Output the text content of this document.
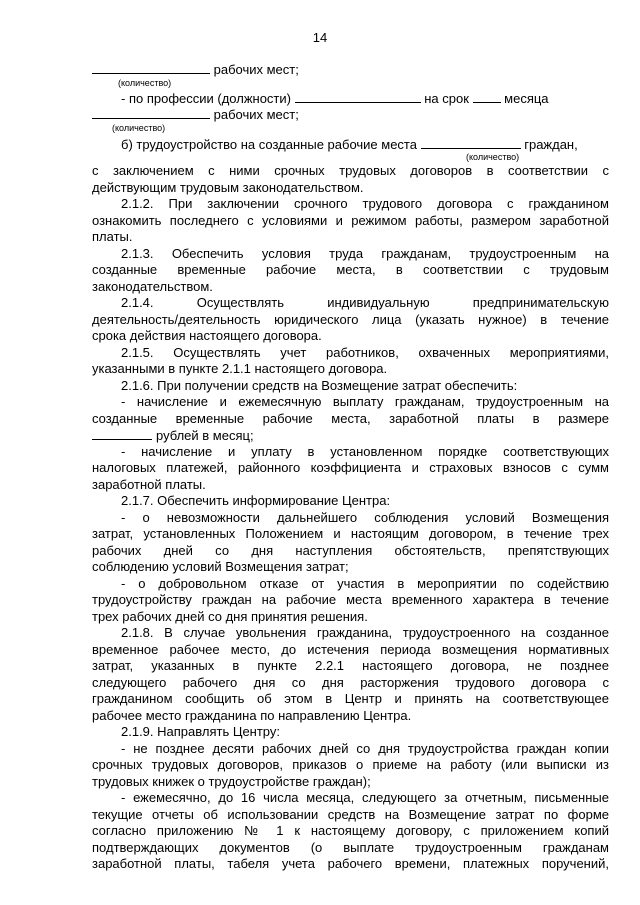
14
рабочих мест;
(количество)
- по профессии (должности)	на срок	месяца
рабочих мест;
(количество)
б) трудоустройство на созданные рабочие места	граждан,
(количество)
с заключением с ними срочных трудовых договоров в соответствии с
действующим трудовым законодательством.
2.1.2. При заключении срочного трудового договора с гражданином
ознакомить последнего с условиями и режимом работы, размером заработной
платы.
2.1.3. Обеспечить условия труда гражданам, трудоустроенным на
созданные временные рабочие места, в соответствии с трудовым
законодательством.
2.1.4. Осуществлять индивидуальную предпринимательскую
деятельность/деятельность юридического лица (указать нужное) в течение
срока действия настоящего договора.
2.1.5. Осуществлять учет работников, охваченных мероприятиями,
указанными в пункте 2.1.1 настоящего договора.
2.1.6. При получении средств на Возмещение затрат обеспечить:
- начисление и ежемесячную выплату гражданам, трудоустроенным на
созданные временные рабочие места, заработной платы в размере
рублей в месяц;
- начисление и уплату в установленном порядке соответствующих
налоговых платежей, районного коэффициента и страховых взносов с сумм
заработной платы.
2.1.7. Обеспечить информирование Центра:
- о невозможности дальнейшего соблюдения условий Возмещения
затрат, установленных Положением и настоящим договором, в течение трех
рабочих дней со дня наступления обстоятельств, препятствующих
соблюдению условий Возмещения затрат;
- о добровольном отказе от участия в мероприятии по содействию
трудоустройству граждан на рабочие места временного характера в течение
трех рабочих дней со дня принятия решения.
2.1.8. В случае увольнения гражданина, трудоустроенного на созданное
временное рабочее место, до истечения периода возмещения нормативных
затрат, указанных в пункте 2.2.1 настоящего договора, не позднее
следующего рабочего дня со дня расторжения трудового договора с
гражданином сообщить об этом в Центр и принять на соответствующее
рабочее место гражданина по направлению Центра.
2.1.9. Направлять Центру:
- не позднее десяти рабочих дней со дня трудоустройства граждан копии
срочных трудовых договоров, приказов о приеме на работу (или выписки из
трудовых книжек о трудоустройстве граждан);
- ежемесячно, до 16 числа месяца, следующего за отчетным, письменные
текущие отчеты об использовании средств на Возмещение затрат по форме
согласно приложению № 1 к настоящему договору, с приложением копий
подтверждающих документов (о выплате трудоустроенным гражданам
заработной платы, табеля учета рабочего времени, платежных поручений,
